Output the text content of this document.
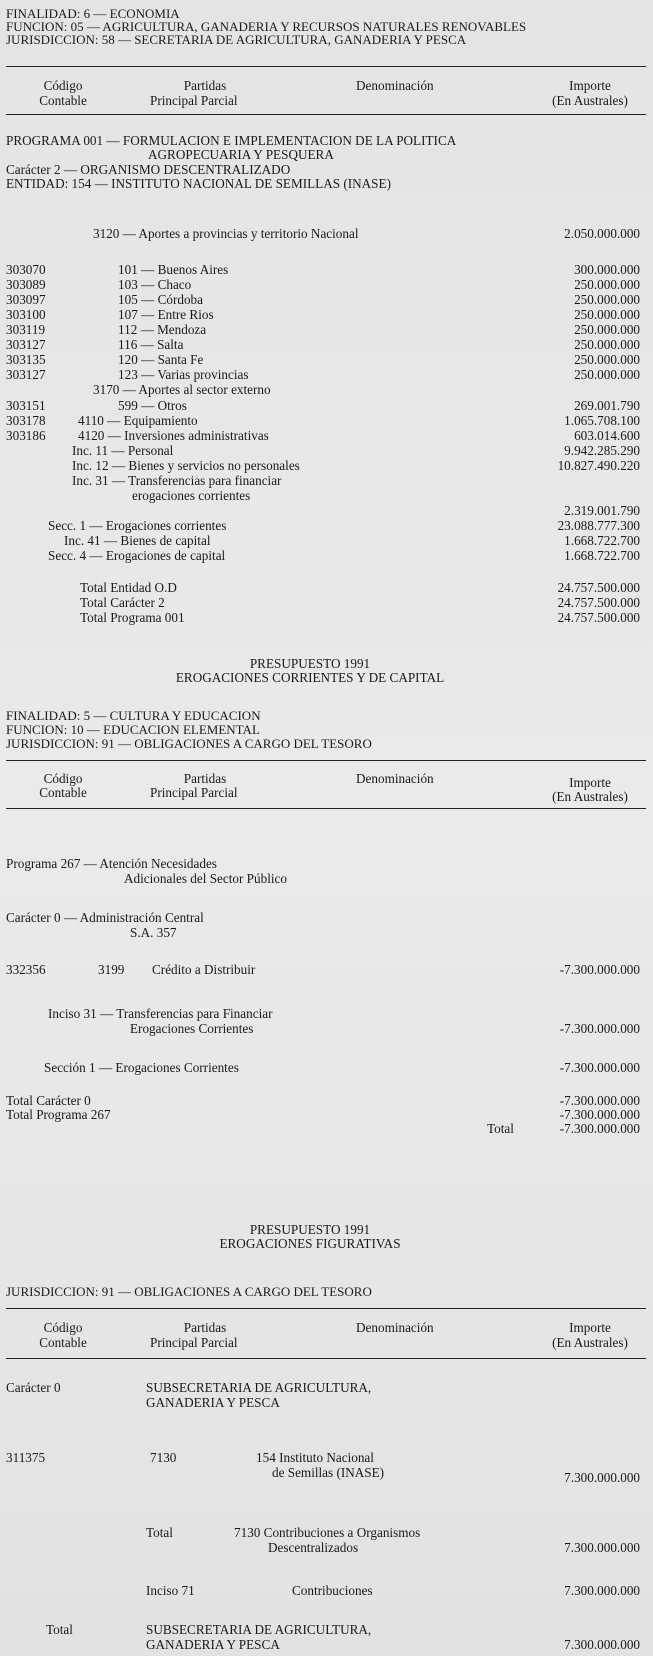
FINALIDAD: 6 — ECONOMIA
FUNCION: 05 — AGRICULTURA, GANADERIA Y RECURSOS NATURALES RENOVABLES
JURISDICCION: 58 — SECRETARIA DE AGRICULTURA, GANADERIA Y PESCA
Código
Contable
Partidas
Principal Parcial
Denominación	Importe
(En Australes)
PROGRAMA 001 — FORMULACION E IMPLEMENTACION DE LA POLITICA
AGROPECUARIA Y PESQUERA
Carácter 2 — ORGANISMO DESCENTRALIZADO
ENTIDAD: 154 — INSTITUTO NACIONAL DE SEMILLAS (INASE)
3120 — Aportes a provincias y territorio Nacional	2.050.000.000
303070	101 — Buenos Aires	300.000.000
303089	103 — Chaco	250.000.000
303097	105 — Córdoba	250.000.000
303100	107 — Entre Rios	250.000.000
303119	112 — Mendoza	250.000.000
303127	116 — Salta	250.000.000
303135	120 — Santa Fe	250.000.000
303127	123 — Varias provincias	250.000.000
3170 — Aportes al sector externo
303151	599 — Otros	269.001.790
303178 4110 — Equipamiento	1.065.708.100
303186 4120 — Inversiones administrativas	603.014.600
Inc. 11 — Personal	9.942.285.290
Inc. 12 — Bienes y servicios no personales	10.827.490.220
Inc. 31 — Transferencias para financiar
erogaciones corrientes
2.319.001.790
Secc. 1 — Erogaciones corrientes	23.088.777.300
Inc. 41 — Bienes de capital	1.668.722.700
Secc. 4 — Erogaciones de capital	1.668.722.700
Total Entidad O.D	24.757.500.000
Total Carácter 2	24.757.500.000
Total Programa 001	24.757.500.000
PRESUPUESTO 1991
EROGACIONES CORRIENTES Y DE CAPITAL
FINALIDAD: 5 — CULTURA Y EDUCACION
FUNCION: 10 — EDUCACION ELEMENTAL
JURISDICCION: 91 — OBLIGACIONES A CARGO DEL TESORO
Código
Contable
Partidas
Principal Parcial
Denominación	Importe
(En Australes)
Programa 267 — Atención Necesidades
Adicionales del Sector Público
Carácter 0 — Administración Central
S.A. 357
332356	3199 Crédito a Distribuir	-7.300.000.000
Inciso 31 — Transferencias para Financiar
Erogaciones Corrientes	-7.300.000.000
Sección 1 — Erogaciones Corrientes	-7.300.000.000
Total Carácter 0	-7.300.000.000
Total Programa 267	-7.300.000.000
Total	-7.300.000.000
PRESUPUESTO 1991
EROGACIONES FIGURATIVAS
JURISDICCION: 91 — OBLIGACIONES A CARGO DEL TESORO
Código
Contable
Partidas
Principal Parcial
Denominación	Importe
(En Australes)
Carácter 0	SUBSECRETARIA DE AGRICULTURA,
GANADERIA Y PESCA
311375	7130	154 Instituto Nacional
de Semillas (INASE)	7.300.000.000
Total	7130 Contribuciones a Organismos
Descentralizados	7.300.000.000
Inciso 71	Contribuciones	7.300.000.000
Total	SUBSECRETARIA DE AGRICULTURA,
GANADERIA Y PESCA	7.300.000.000
